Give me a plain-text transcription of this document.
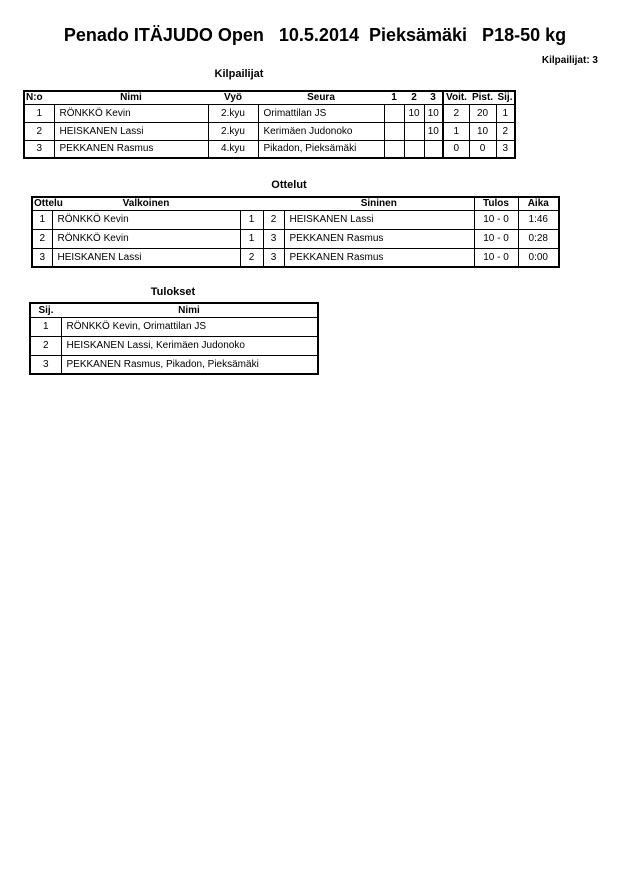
Penado ITÄJUDO Open   10.5.2014  Pieksämäki   P18-50 kg
Kilpailijat: 3
Kilpailijat
N:o	Nimi	Vyö	Seura	1	2	3	Voit.	Pist.	Sij.
1	RÖNKKÖ Kevin	2.kyu	Orimattilan JS		10	10	2	20	1
2	HEISKANEN Lassi	2.kyu	Kerimäen Judonoko			10	1	10	2
3	PEKKANEN Rasmus	4.kyu	Pikadon, Pieksämäki				0	0	3
Ottelut
Ottelu	Valkoinen			Sininen	Tulos	Aika
1	RÖNKKÖ Kevin	1	2	HEISKANEN Lassi	10 - 0	1:46
2	RÖNKKÖ Kevin	1	3	PEKKANEN Rasmus	10 - 0	0:28
3	HEISKANEN Lassi	2	3	PEKKANEN Rasmus	10 - 0	0:00
Tulokset
Sij.	Nimi
1	RÖNKKÖ Kevin, Orimattilan JS
2	HEISKANEN Lassi, Kerimäen Judonoko
3	PEKKANEN Rasmus, Pikadon, Pieksämäki
